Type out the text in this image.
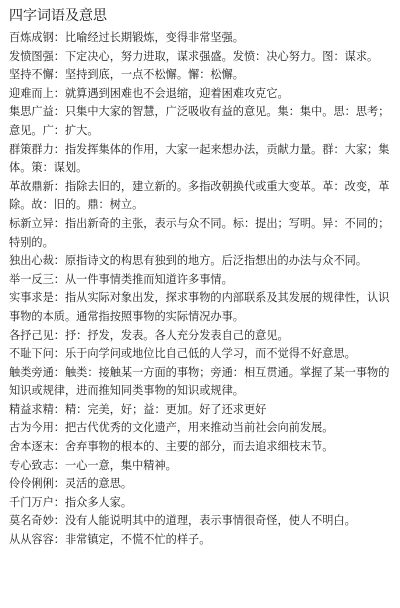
四字词语及意思

百炼成钢：比喻经过长期锻炼，变得非常坚强。

发愤图强：下定决心，努力进取，谋求强盛。发愤：决心努力。图：谋求。

坚持不懈：坚持到底，一点不松懈。懈：松懈。

迎难而上：就算遇到困难也不会退缩，迎着困难攻克它。

集思广益：只集中大家的智慧，广泛吸收有益的意见。集：集中。思：思考；意见。广：扩大。

群策群力：指发挥集体的作用，大家一起来想办法，贡献力量。群：大家；集体。策：谋划。

革故鼎新：指除去旧的，建立新的。多指改朝换代或重大变革。革：改变，革除。故：旧的。鼎：树立。

标新立异：指出新奇的主张，表示与众不同。标：提出；写明。异：不同的；特别的。

独出心裁：原指诗文的构思有独到的地方。后泛指想出的办法与众不同。

举一反三：从一件事情类推而知道许多事情。

实事求是：指从实际对象出发，探求事物的内部联系及其发展的规律性，认识事物的本质。通常指按照事物的实际情况办事。

各抒己见：抒：抒发，发表。各人充分发表自己的意见。

不耻下问：乐于向学问或地位比自己低的人学习，而不觉得不好意思。

触类旁通：触类：接触某一方面的事物；旁通：相互贯通。掌握了某一事物的知识或规律，进而推知同类事物的知识或规律。

精益求精：精：完美，好；益：更加。好了还求更好

古为今用：把古代优秀的文化遗产，用来推动当前社会向前发展。

舍本逐末：舍弃事物的根本的、主要的部分，而去追求细枝末节。

专心致志：一心一意，集中精神。

伶伶俐俐：灵活的意思。

千门万户：指众多人家。

莫名奇妙：没有人能说明其中的道理，表示事情很奇怪，使人不明白。

从从容容：非常镇定，不慌不忙的样子。
